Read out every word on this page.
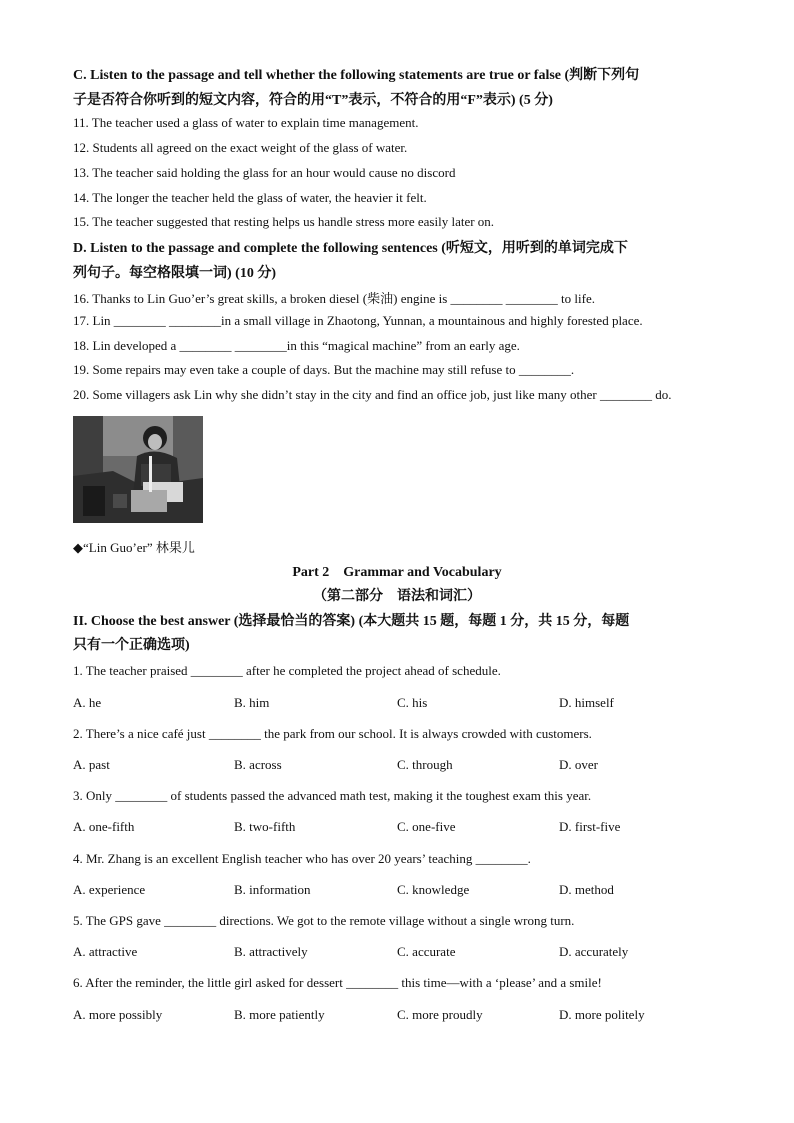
C. Listen to the passage and tell whether the following statements are true or false (判断下列句
子是否符合你听到的短文内容，符合的用“T”表示，不符合的用“F”表示) (5 分)
11. The teacher used a glass of water to explain time management.
12. Students all agreed on the exact weight of the glass of water.
13. The teacher said holding the glass for an hour would cause no discord
14. The longer the teacher held the glass of water, the heavier it felt.
15. The teacher suggested that resting helps us handle stress more easily later on.
D. Listen to the passage and complete the following sentences (听短文，用听到的单词完成下
列句子。每空格限填一词) (10 分)
16. Thanks to Lin Guo’er’s great skills, a broken diesel (柴油) engine is ________ ________ to life.
17. Lin ________ ________in a small village in Zhaotong, Yunnan, a mountainous and highly forested place.
18. Lin developed a ________ ________in this “magical machine” from an early age.
19. Some repairs may even take a couple of days. But the machine may still refuse to ________.
20. Some villagers ask Lin why she didn’t stay in the city and find an office job, just like many other ________ do.
◆“Lin Guo’er” 林果儿
Part 2　Grammar and Vocabulary
（第二部分　语法和词汇）
II. Choose the best answer (选择最恰当的答案) (本大题共 15 题，每题 1 分，共 15 分，每题
只有一个正确选项)
1. The teacher praised ________ after he completed the project ahead of schedule.
A. he	B. him	C. his	D. himself
2. There’s a nice café just ________ the park from our school. It is always crowded with customers.
A. past	B. across	C. through	D. over
3. Only ________ of students passed the advanced math test, making it the toughest exam this year.
A. one-fifth	B. two-fifth	C. one-five	D. first-five
4. Mr. Zhang is an excellent English teacher who has over 20 years’ teaching ________.
A. experience	B. information	C. knowledge	D. method
5. The GPS gave ________ directions. We got to the remote village without a single wrong turn.
A. attractive	B. attractively	C. accurate	D. accurately
6. After the reminder, the little girl asked for dessert ________ this time—with a ‘please’ and a smile!
A. more possibly	B. more patiently	C. more proudly	D. more politely
